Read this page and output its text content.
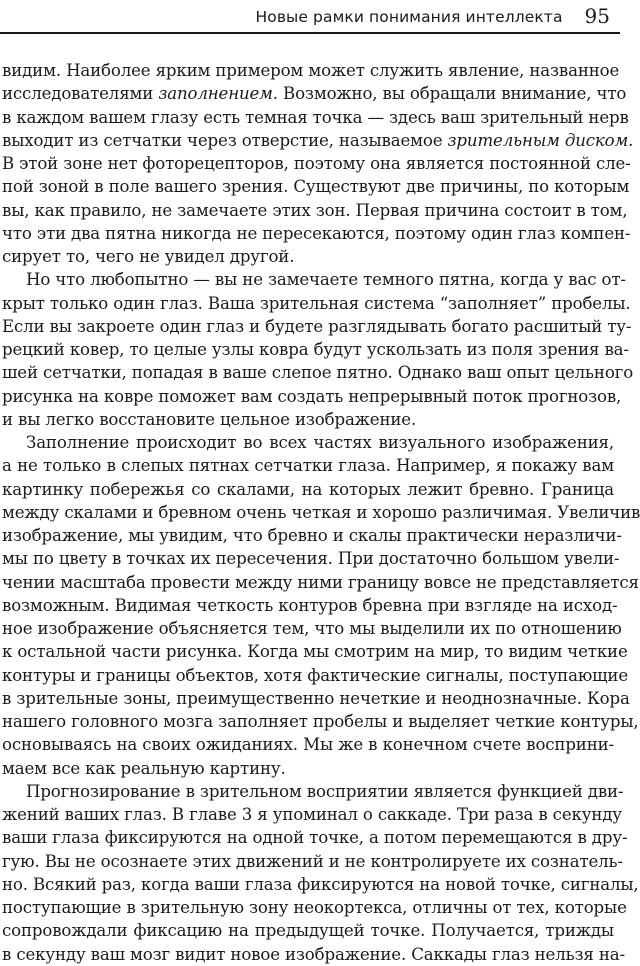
Новые рамки понимания интеллекта 95
видим. Наиболее ярким примером может служить явление, названное
исследователями заполнением. Возможно, вы обращали внимание, что
в каждом вашем глазу есть темная точка — здесь ваш зрительный нерв
выходит из сетчатки через отверстие, называемое зрительным диском.
В этой зоне нет фоторецепторов, поэтому она является постоянной сле-
пой зоной в поле вашего зрения. Существуют две причины, по которым
вы, как правило, не замечаете этих зон. Первая причина состоит в том,
что эти два пятна никогда не пересекаются, поэтому один глаз компен-
сирует то, чего не увидел другой.
Но что любопытно — вы не замечаете темного пятна, когда у вас от-
крыт только один глаз. Ваша зрительная система “заполняет” пробелы.
Если вы закроете один глаз и будете разглядывать богато расшитый ту-
рецкий ковер, то целые узлы ковра будут ускользать из поля зрения ва-
шей сетчатки, попадая в ваше слепое пятно. Однако ваш опыт цельного
рисунка на ковре поможет вам создать непрерывный поток прогнозов,
и вы легко восстановите цельное изображение.
Заполнение происходит во всех частях визуального изображения,
а не только в слепых пятнах сетчатки глаза. Например, я покажу вам
картинку побережья со скалами, на которых лежит бревно. Граница
между скалами и бревном очень четкая и хорошо различимая. Увеличив
изображение, мы увидим, что бревно и скалы практически неразличи-
мы по цвету в точках их пересечения. При достаточно большом увели-
чении масштаба провести между ними границу вовсе не представляется
возможным. Видимая четкость контуров бревна при взгляде на исход-
ное изображение объясняется тем, что мы выделили их по отношению
к остальной части рисунка. Когда мы смотрим на мир, то видим четкие
контуры и границы объектов, хотя фактические сигналы, поступающие
в зрительные зоны, преимущественно нечеткие и неоднозначные. Кора
нашего головного мозга заполняет пробелы и выделяет четкие контуры,
основываясь на своих ожиданиях. Мы же в конечном счете восприни-
маем все как реальную картину.
Прогнозирование в зрительном восприятии является функцией дви-
жений ваших глаз. В главе 3 я упоминал о саккаде. Три раза в секунду
ваши глаза фиксируются на одной точке, а потом перемещаются в дру-
гую. Вы не осознаете этих движений и не контролируете их сознатель-
но. Всякий раз, когда ваши глаза фиксируются на новой точке, сигналы,
поступающие в зрительную зону неокортекса, отличны от тех, которые
сопровождали фиксацию на предыдущей точке. Получается, трижды
в секунду ваш мозг видит новое изображение. Саккады глаз нельзя на-
